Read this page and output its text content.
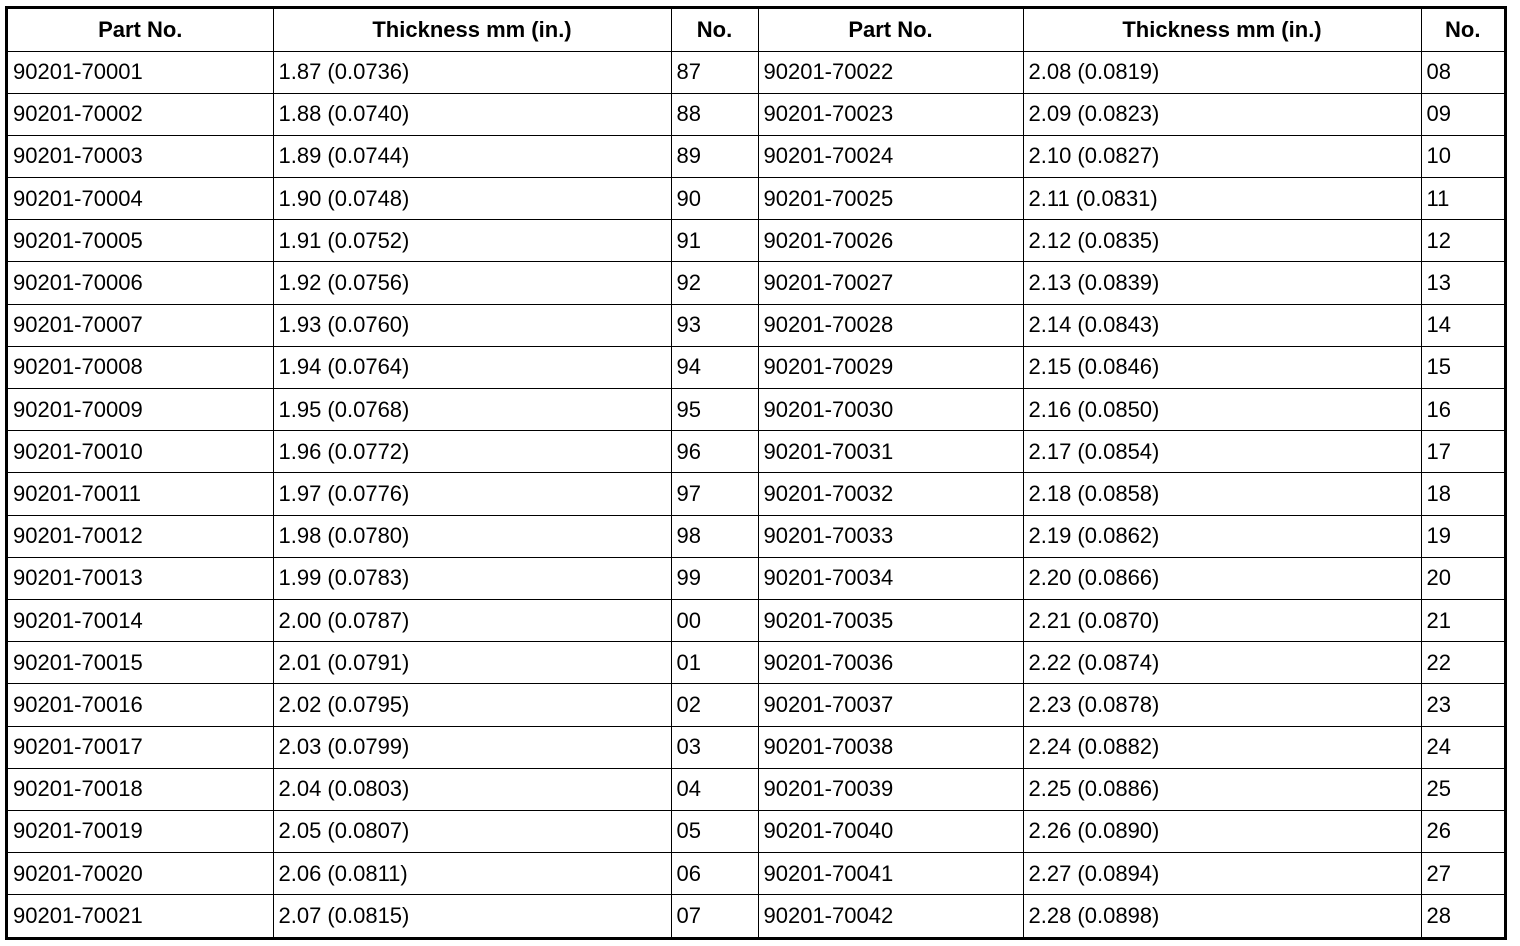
Part No.	Thickness mm (in.)	No.	Part No.	Thickness mm (in.)	No.
90201-70001	1.87 (0.0736)	87	90201-70022	2.08 (0.0819)	08
90201-70002	1.88 (0.0740)	88	90201-70023	2.09 (0.0823)	09
90201-70003	1.89 (0.0744)	89	90201-70024	2.10 (0.0827)	10
90201-70004	1.90 (0.0748)	90	90201-70025	2.11 (0.0831)	11
90201-70005	1.91 (0.0752)	91	90201-70026	2.12 (0.0835)	12
90201-70006	1.92 (0.0756)	92	90201-70027	2.13 (0.0839)	13
90201-70007	1.93 (0.0760)	93	90201-70028	2.14 (0.0843)	14
90201-70008	1.94 (0.0764)	94	90201-70029	2.15 (0.0846)	15
90201-70009	1.95 (0.0768)	95	90201-70030	2.16 (0.0850)	16
90201-70010	1.96 (0.0772)	96	90201-70031	2.17 (0.0854)	17
90201-70011	1.97 (0.0776)	97	90201-70032	2.18 (0.0858)	18
90201-70012	1.98 (0.0780)	98	90201-70033	2.19 (0.0862)	19
90201-70013	1.99 (0.0783)	99	90201-70034	2.20 (0.0866)	20
90201-70014	2.00 (0.0787)	00	90201-70035	2.21 (0.0870)	21
90201-70015	2.01 (0.0791)	01	90201-70036	2.22 (0.0874)	22
90201-70016	2.02 (0.0795)	02	90201-70037	2.23 (0.0878)	23
90201-70017	2.03 (0.0799)	03	90201-70038	2.24 (0.0882)	24
90201-70018	2.04 (0.0803)	04	90201-70039	2.25 (0.0886)	25
90201-70019	2.05 (0.0807)	05	90201-70040	2.26 (0.0890)	26
90201-70020	2.06 (0.0811)	06	90201-70041	2.27 (0.0894)	27
90201-70021	2.07 (0.0815)	07	90201-70042	2.28 (0.0898)	28
